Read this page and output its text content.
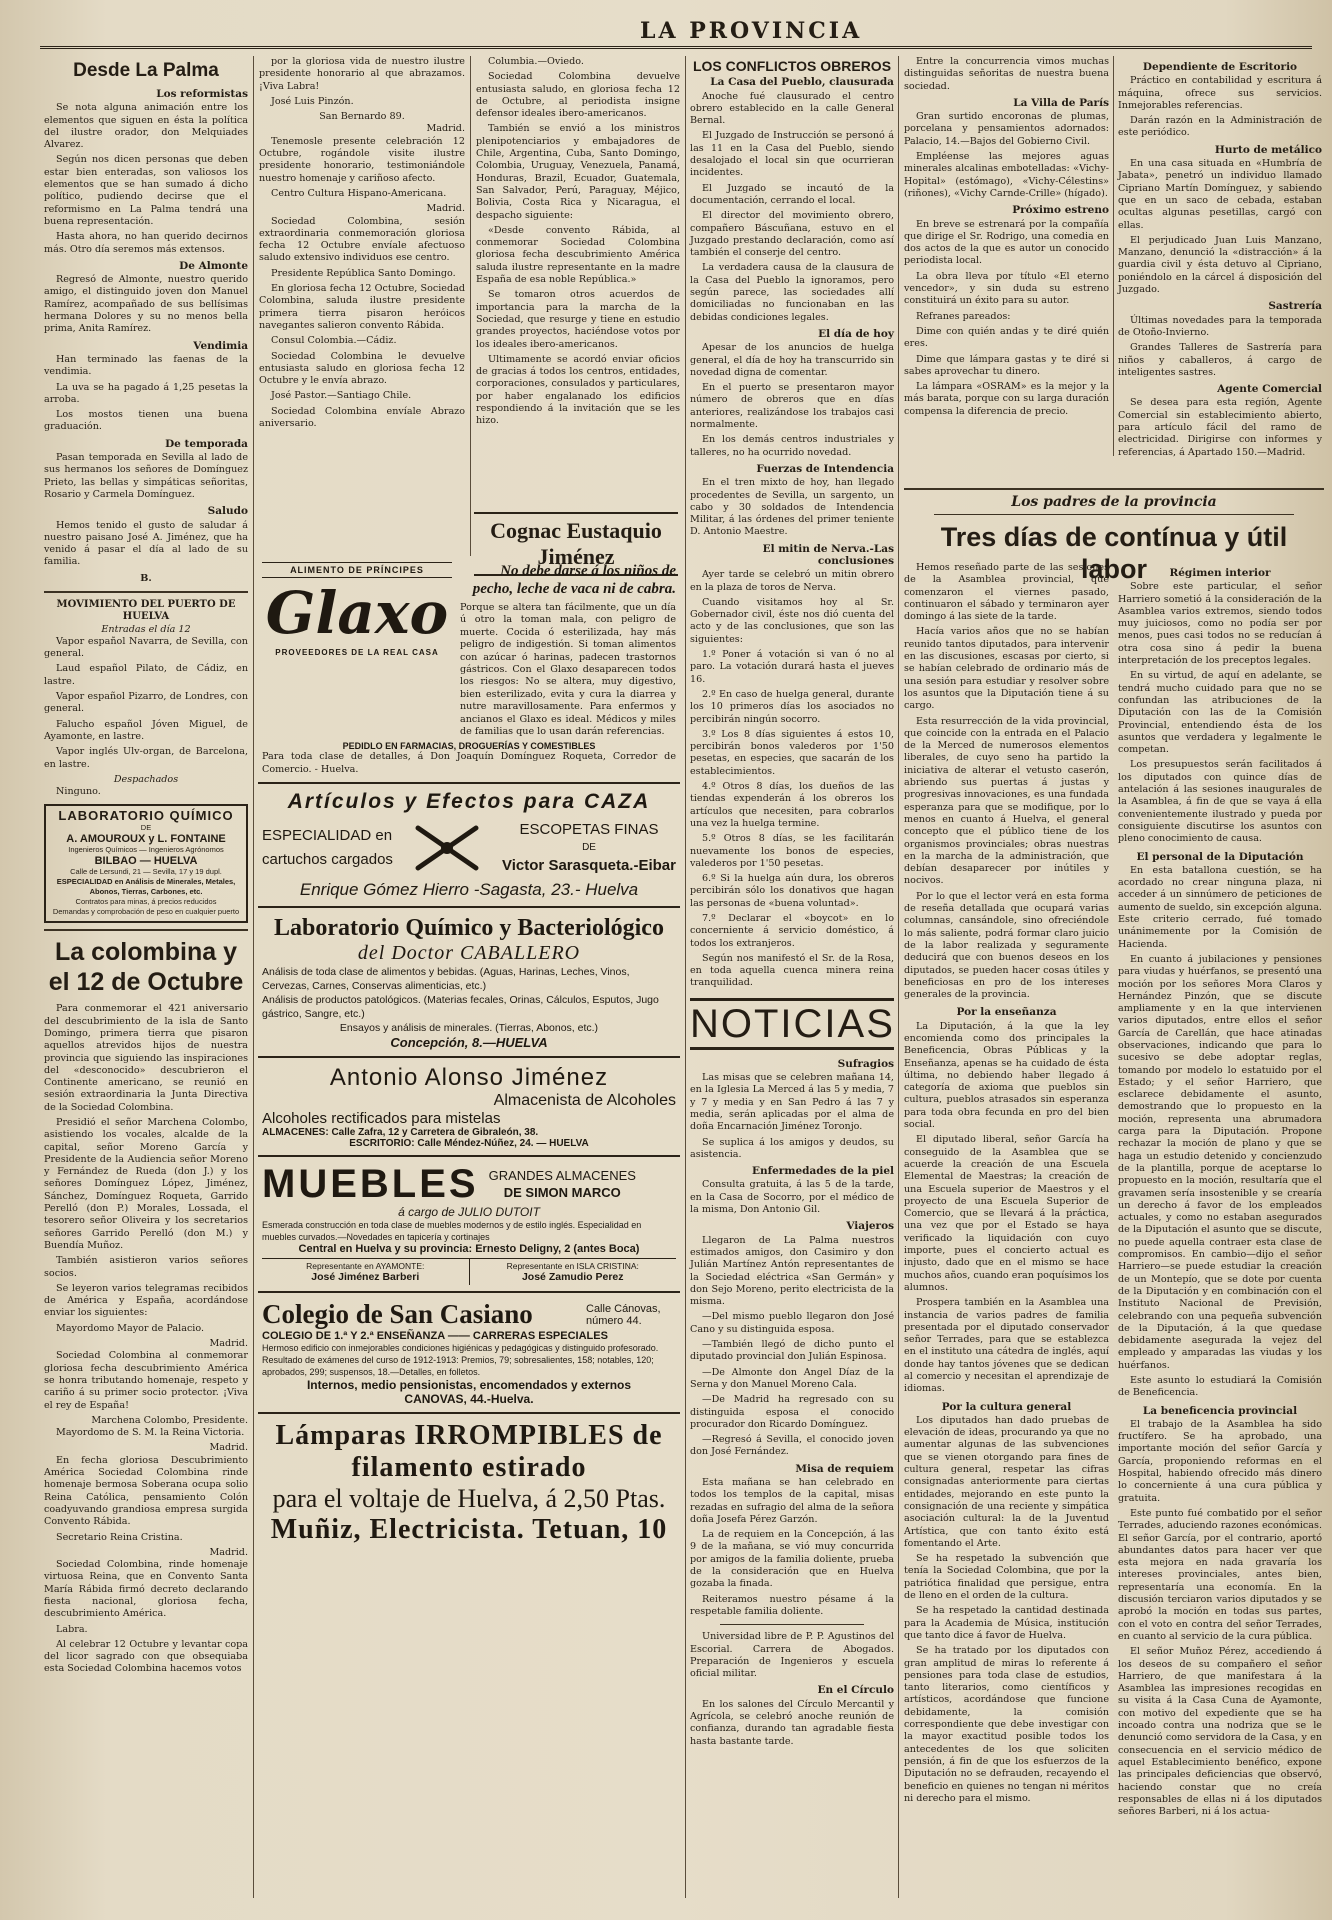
LA PROVINCIA
Desde La Palma
Los reformistas

Se nota alguna animación entre los elementos que siguen en ésta la política del ilustre orador, don Melquiades Alvarez.

Según nos dicen personas que deben estar bien enteradas, son valiosos los elementos que se han sumado á dicho político, pudiendo decirse que el reformismo en La Palma tendrá una buena representación.

Hasta ahora, no han querido decirnos más. Otro día seremos más extensos.

De Almonte

Regresó de Almonte, nuestro querido amigo, el distinguido joven don Manuel Ramírez, acompañado de sus bellísimas hermana Dolores y su no menos bella prima, Anita Ramírez.

Vendimia

Han terminado las faenas de la vendimia.

La uva se ha pagado á 1,25 pesetas la arroba.

Los mostos tienen una buena graduación.

De temporada

Pasan temporada en Sevilla al lado de sus hermanos los señores de Domínguez Prieto, las bellas y simpáticas señoritas, Rosario y Carmela Domínguez.

Saludo

Hemos tenido el gusto de saludar á nuestro paisano José A. Jiménez, que ha venido á pasar el día al lado de su familia.

B.
MOVIMIENTO DEL PUERTO DE HUELVA
Entradas el día 12

Vapor español Navarra, de Sevilla, con general.

Laud español Pilato, de Cádiz, en lastre.

Vapor español Pizarro, de Londres, con general.

Falucho español Jóven Miguel, de Ayamonte, en lastre.

Vapor inglés Ulv-organ, de Barcelona, en lastre.

Despachados

Ninguno.

LABORATORIO QUÍMICO
DE
A. AMOUROUX y L. FONTAINE
Ingenieros Químicos — Ingenieros Agrónomos
BILBAO — HUELVA
Calle de Lersundi, 21 — Sevilla, 17 y 19 dupl.
ESPECIALIDAD en Análisis de Minerales, Metales, Abonos, Tierras, Carbones, etc.
Contratos para minas, á precios reducidos
Demandas y comprobación de peso en cualquier puerto
La colombina y el 12 de Octubre

Para conmemorar el 421 aniversario del descubrimiento de la isla de Santo Domingo, primera tierra que pisaron aquellos atrevidos hijos de nuestra provincia que siguiendo las inspiraciones del «desconocido» descubrieron el Continente americano, se reunió en sesión extraordinaria la Junta Directiva de la Sociedad Colombina.

Presidió el señor Marchena Colombo, asistiendo los vocales, alcalde de la capital, señor Moreno García y Presidente de la Audiencia señor Moreno y Fernández de Rueda (don J.) y los señores Domínguez López, Jiménez, Sánchez, Domínguez Roqueta, Garrido Perelló (don P.) Morales, Lossada, el tesorero señor Oliveira y los secretarios señores Garrido Perelló (don M.) y Buendía Muñoz.

También asistieron varios señores socios.

Se leyeron varios telegramas recibidos de América y España, acordándose enviar los siguientes:

Mayordomo Mayor de Palacio.

Madrid.

Sociedad Colombina al conmemorar gloriosa fecha descubrimiento América se honra tributando homenaje, respeto y cariño á su primer socio protector. ¡Viva el rey de España!

Marchena Colombo, Presidente.

Mayordomo de S. M. la Reina Victoria.

Madrid.

En fecha gloriosa Descubrimiento América Sociedad Colombina rinde homenaje bermosa Soberana ocupa solio Reina Católica, pensamiento Colón coadyuvando grandiosa empresa surgida Convento Rábida.

Secretario Reina Cristina.

Madrid.

Sociedad Colombina, rinde homenaje virtuosa Reina, que en Convento Santa María Rábida firmó decreto declarando fiesta nacional, gloriosa fecha, descubrimiento América.

Labra.

Al celebrar 12 Octubre y levantar copa del licor sagrado con que obsequiaba esta Sociedad Colombina hacemos votos

por la gloriosa vida de nuestro ilustre presidente honorario al que abrazamos. ¡Viva Labra!

José Luis Pinzón.

San Bernardo 89.
Madrid.

Tenemosle presente celebración 12 Octubre, rogándole visite ilustre presidente honorario, testimoniándole nuestro homenaje y cariñoso afecto.

Centro Cultura Hispano-Americana.

Madrid.

Sociedad Colombina, sesión extraordinaria conmemoración gloriosa fecha 12 Octubre envíale afectuoso saludo extensivo individuos ese centro.

Presidente República Santo Domingo.

En gloriosa fecha 12 Octubre, Sociedad Colombina, saluda ilustre presidente primera tierra pisaron heróicos navegantes salieron convento Rábida.

Consul Colombia.—Cádiz.

Sociedad Colombina le devuelve entusiasta saludo en gloriosa fecha 12 Octubre y le envía abrazo.

José Pastor.—Santiago Chile.

Sociedad Colombina envíale Abrazo aniversario.

Columbia.—Oviedo.

Sociedad Colombina devuelve entusiasta saludo, en gloriosa fecha 12 de Octubre, al periodista insigne defensor ideales ibero-americanos.

También se envió a los ministros plenipotenciarios y embajadores de Chile, Argentina, Cuba, Santo Domingo, Colombia, Uruguay, Venezuela, Panamá, Honduras, Brazil, Ecuador, Guatemala, San Salvador, Perú, Paraguay, Méjico, Bolivia, Costa Rica y Nicaragua, el despacho siguiente:

«Desde convento Rábida, al conmemorar Sociedad Colombina gloriosa fecha descubrimiento América saluda ilustre representante en la madre España de esa noble República.»

Se tomaron otros acuerdos de importancia para la marcha de la Sociedad, que resurge y tiene en estudio grandes proyectos, haciéndose votos por los ideales ibero-americanos.

Ultimamente se acordó enviar oficios de gracias á todos los centros, entidades, corporaciones, consulados y particulares, por haber engalanado los edificios respondiendo á la invitación que se les hizo.

Cognac Eustaquio Jiménez
ALIMENTO DE PRÍNCIPES
Glaxo
PROVEEDORES DE LA REAL CASA
No debe darse á los niños de pecho, leche de vaca ni de cabra.
Porque se altera tan fácilmente, que un día ú otro la toman mala, con peligro de muerte. Cocida ó esterilizada, hay más peligro de indigestión. Si toman alimentos con azúcar ó harinas, padecen trastornos gástricos. Con el Glaxo desaparecen todos los riesgos: No se altera, muy digestivo, bien esterilizado, evita y cura la diarrea y nutre maravillosamente. Para enfermos y ancianos el Glaxo es ideal. Médicos y miles de familias que lo usan darán referencias.
PEDIDLO EN FARMACIAS, DROGUERÍAS Y COMESTIBLES
Para toda clase de detalles, á Don Joaquín Domínguez Roqueta, Corredor de Comercio. - Huelva.
Artículos y Efectos para CAZA
ESPECIALIDAD en
cartuchos cargados
ESCOPETAS FINAS
DE
Victor Sarasqueta.-Eibar
Enrique Gómez Hierro -Sagasta, 23.- Huelva
Laboratorio Químico y Bacteriológico
del Doctor CABALLERO
Análisis de toda clase de alimentos y bebidas. (Aguas, Harinas, Leches, Vinos, Cervezas, Carnes, Conservas alimenticias, etc.)
Análisis de productos patológicos. (Materias fecales, Orinas, Cálculos, Esputos, Jugo gástrico, Sangre, etc.)
Ensayos y análisis de minerales. (Tierras, Abonos, etc.)
Concepción, 8.—HUELVA
Antonio Alonso Jiménez
Almacenista de Alcoholes
Alcoholes rectificados para mistelas
ALMACENES: Calle Zafra, 12 y Carretera de Gibraleón, 38.
ESCRITORIO: Calle Méndez-Núñez, 24. — HUELVA
MUEBLES GRANDES ALMACENES
DE SIMON MARCO
á cargo de JULIO DUTOIT
Esmerada construcción en toda clase de muebles modernos y de estilo inglés. Especialidad en muebles curvados.—Novedades en tapicería y cortinajes
Central en Huelva y su provincia: Ernesto Deligny, 2 (antes Boca)
Representante en AYAMONTE:
José Jiménez Barberi
Representante en ISLA CRISTINA:
José Zamudio Perez
Colegio de San Casiano	Calle Cánovas, número 44.
COLEGIO DE 1.ª Y 2.ª ENSEÑANZA —— CARRERAS ESPECIALES
Hermoso edificio con inmejorables condiciones higiénicas y pedagógicas y distinguido profesorado.
Resultado de exámenes del curso de 1912-1913: Premios, 79; sobresalientes, 158; notables, 120; aprobados, 299; suspensos, 18.—Detalles, en folletos.
Internos, medio pensionistas, encomendados y externos
CANOVAS, 44.-Huelva.
Lámparas IRROMPIBLES de filamento estirado
para el voltaje de Huelva, á 2,50 Ptas.
Muñiz, Electricista. Tetuan, 10
LOS CONFLICTOS OBREROS
La Casa del Pueblo, clausurada

Anoche fué clausurado el centro obrero establecido en la calle General Bernal.

El Juzgado de Instrucción se personó á las 11 en la Casa del Pueblo, siendo desalojado el local sin que ocurrieran incidentes.

El Juzgado se incautó de la documentación, cerrando el local.

El director del movimiento obrero, compañero Báscuñana, estuvo en el Juzgado prestando declaración, como así también el conserje del centro.

La verdadera causa de la clausura de la Casa del Pueblo la ignoramos, pero según parece, las sociedades allí domiciliadas no funcionaban en las debidas condiciones legales.

El día de hoy

Apesar de los anuncios de huelga general, el día de hoy ha transcurrido sin novedad digna de comentar.

En el puerto se presentaron mayor número de obreros que en días anteriores, realizándose los trabajos casi normalmente.

En los demás centros industriales y talleres, no ha ocurrido novedad.

Fuerzas de Intendencia

En el tren mixto de hoy, han llegado procedentes de Sevilla, un sargento, un cabo y 30 soldados de Intendencia Militar, á las órdenes del primer teniente D. Antonio Maestre.

El mitin de Nerva.-Las conclusiones

Ayer tarde se celebró un mitin obrero en la plaza de toros de Nerva.

Cuando visitamos hoy al Sr. Gobernador civil, éste nos dió cuenta del acto y de las conclusiones, que son las siguientes:

1.º Poner á votación si van ó no al paro. La votación durará hasta el jueves 16.

2.º En caso de huelga general, durante los 10 primeros días los asociados no percibirán ningún socorro.

3.º Los 8 días siguientes á estos 10, percibirán bonos valederos por 1'50 pesetas, en especies, que sacarán de los establecimientos.

4.º Otros 8 días, los dueños de las tiendas expenderán á los obreros los artículos que necesiten, para cobrarlos una vez la huelga termine.

5.º Otros 8 días, se les facilitarán nuevamente los bonos de especies, valederos por 1'50 pesetas.

6.º Si la huelga aún dura, los obreros percibirán sólo los donativos que hagan las personas de «buena voluntad».

7.º Declarar el «boycot» en lo concerniente á servicio doméstico, á todos los extranjeros.

Según nos manifestó el Sr. de la Rosa, en toda aquella cuenca minera reina tranquilidad.

NOTICIAS
Sufragios

Las misas que se celebren mañana 14, en la Iglesia La Merced á las 5 y media, 7 y 7 y media y en San Pedro á las 7 y media, serán aplicadas por el alma de doña Encarnación Jiménez Toronjo.

Se suplica á los amigos y deudos, su asistencia.

Enfermedades de la piel

Consulta gratuita, á las 5 de la tarde, en la Casa de Socorro, por el médico de la misma, Don Antonio Gil.

Viajeros

Llegaron de La Palma nuestros estimados amigos, don Casimiro y don Julián Martínez Antón representantes de la Sociedad eléctrica «San Germán» y don Sejo Moreno, perito electricista de la misma.

—Del mismo pueblo llegaron don José Cano y su distinguida esposa.

—También llegó de dicho punto el diputado provincial don Julián Espinosa.

—De Almonte don Angel Díaz de la Serna y don Manuel Moreno Cala.

—De Madrid ha regresado con su distinguida esposa el conocido procurador don Ricardo Domínguez.

—Regresó á Sevilla, el conocido joven don José Fernández.

Misa de requiem

Esta mañana se han celebrado en todos los templos de la capital, misas rezadas en sufragio del alma de la señora doña Josefa Pérez Garzón.

La de requiem en la Concepción, á las 9 de la mañana, se vió muy concurrida por amigos de la familia doliente, prueba de la consideración que en Huelva gozaba la finada.

Reiteramos nuestro pésame á la respetable familia doliente.

Universidad libre de P. P. Agustinos del Escorial. Carrera de Abogados. Preparación de Ingenieros y escuela oficial militar.

En el Círculo

En los salones del Círculo Mercantil y Agrícola, se celebró anoche reunión de confianza, durando tan agradable fiesta hasta bastante tarde.

Entre la concurrencia vimos muchas distinguidas señoritas de nuestra buena sociedad.

La Villa de París

Gran surtido encoronas de plumas, porcelana y pensamientos adornados: Palacio, 14.—Bajos del Gobierno Civil.

Empléense las mejores aguas minerales alcalinas embotelladas: «Vichy-Hopital» (estómago), «Vichy-Célestins» (riñones), «Vichy Carnde-Crille» (hígado).

Próximo estreno

En breve se estrenará por la compañía que dirige el Sr. Rodrigo, una comedia en dos actos de la que es autor un conocido periodista local.

La obra lleva por título «El eterno vencedor», y sin duda su estreno constituirá un éxito para su autor.

Refranes pareados:

Dime con quién andas y te diré quién eres.

Dime que lámpara gastas y te diré si sabes aprovechar tu dinero.

La lámpara «OSRAM» es la mejor y la más barata, porque con su larga duración compensa la diferencia de precio.

Los padres de la provincia
Tres días de contínua y útil labor

Hemos reseñado parte de las sesiones de la Asamblea provincial, que comenzaron el viernes pasado, continuaron el sábado y terminaron ayer domingo á las siete de la tarde.

Hacía varios años que no se habían reunido tantos diputados, para intervenir en las discusiones, escasas por cierto, si se habían celebrado de ordinario más de una sesión para estudiar y resolver sobre los asuntos que la Diputación tiene á su cargo.

Esta resurrección de la vida provincial, que coincide con la entrada en el Palacio de la Merced de numerosos elementos liberales, de cuyo seno ha partido la iniciativa de alterar el vetusto caserón, abriendo sus puertas á justas y progresivas innovaciones, es una fundada esperanza para que se modifique, por lo menos en cuanto á Huelva, el general concepto que el público tiene de los organismos provinciales; obras nuestras en la marcha de la administración, que debían desaparecer por inútiles y nocivos.

Por lo que el lector verá en esta forma de reseña detallada que ocupará varias columnas, cansándole, sino ofreciéndole lo más saliente, podrá formar claro juicio de la labor realizada y seguramente deducirá que con buenos deseos en los diputados, se pueden hacer cosas útiles y beneficiosas en pro de los intereses generales de la provincia.

Por la enseñanza

La Diputación, á la que la ley encomienda como dos principales la Beneficencia, Obras Públicas y la Enseñanza, apenas se ha cuidado de ésta última, no debiendo haber llegado á categoría de axioma que pueblos sin cultura, pueblos atrasados sin esperanza para toda obra fecunda en pro del bien social.

El diputado liberal, señor García ha conseguido de la Asamblea que se acuerde la creación de una Escuela Elemental de Maestras; la creación de una Escuela superior de Maestros y el proyecto de una Escuela Superior de Comercio, que se llevará á la práctica, una vez que por el Estado se haya verificado la liquidación con cuyo importe, pues el concierto actual es injusto, dado que en el mismo se hace muchos años, cuando eran poquísimos los alumnos.

Prospera también en la Asamblea una instancia de varios padres de familia presentada por el diputado conservador señor Terrades, para que se establezca en el instituto una cátedra de inglés, aquí donde hay tantos jóvenes que se dedican al comercio y necesitan el aprendizaje de idiomas.

Por la cultura general

Los diputados han dado pruebas de elevación de ideas, procurando ya que no aumentar algunas de las subvenciones que se vienen otorgando para fines de cultura general, respetar las cifras consignadas anteriormente para ciertas entidades, mejorando en este punto la consignación de una reciente y simpática asociación cultural: la de la Juventud Artística, que con tanto éxito está fomentando el Arte.

Se ha respetado la subvención que tenía la Sociedad Colombina, que por la patriótica finalidad que persigue, entra de lleno en el orden de la cultura.

Se ha respetado la cantidad destinada para la Academia de Música, institución que tanto dice á favor de Huelva.

Se ha tratado por los diputados con gran amplitud de miras lo referente á pensiones para toda clase de estudios, tanto literarios, como científicos y artísticos, acordándose que funcione debidamente, la comisión correspondiente que debe investigar con la mayor exactitud posible todos los antecedentes de los que soliciten pensión, á fin de que los esfuerzos de la Diputación no se defrauden, recayendo el beneficio en quienes no tengan ni méritos ni derecho para el mismo.

Dependiente de Escritorio

Práctico en contabilidad y escritura á máquina, ofrece sus servicios. Inmejorables referencias.

Darán razón en la Administración de este periódico.

Hurto de metálico

En una casa situada en «Humbría de Jabata», penetró un individuo llamado Cipriano Martín Domínguez, y sabiendo que en un saco de cebada, estaban ocultas algunas pesetillas, cargó con ellas.

El perjudicado Juan Luis Manzano, Manzano, denunció la «distracción» á la guardia civil y ésta detuvo al Cipriano, poniéndolo en la cárcel á disposición del Juzgado.

Sastrería

Últimas novedades para la temporada de Otoño-Invierno.

Grandes Talleres de Sastrería para niños y caballeros, á cargo de inteligentes sastres.

Agente Comercial

Se desea para esta región, Agente Comercial sin establecimiento abierto, para artículo fácil del ramo de electricidad. Dirigirse con informes y referencias, á Apartado 150.—Madrid.

Régimen interior

Sobre este particular, el señor Harriero sometió á la consideración de la Asamblea varios extremos, siendo todos muy juiciosos, como no podía ser por menos, pues casi todos no se reducían á otra cosa sino á pedir la buena interpretación de los preceptos legales.

En su virtud, de aquí en adelante, se tendrá mucho cuidado para que no se confundan las atribuciones de la Diputación con las de la Comisión Provincial, entendiendo ésta de los asuntos que verdadera y legalmente le competan.

Los presupuestos serán facilitados á los diputados con quince días de antelación á las sesiones inaugurales de la Asamblea, á fin de que se vaya á ella convenientemente ilustrado y pueda por consiguiente discutirse los asuntos con pleno conocimiento de causa.

El personal de la Diputación

En esta batallona cuestión, se ha acordado no crear ninguna plaza, ni acceder á un sinnúmero de peticiones de aumento de sueldo, sin excepción alguna. Este criterio cerrado, fué tomado unánimemente por la Comisión de Hacienda.

En cuanto á jubilaciones y pensiones para viudas y huérfanos, se presentó una moción por los señores Mora Claros y Hernández Pinzón, que se discute ampliamente y en la que intervienen varios diputados, entre ellos el señor García de Carellán, que hace atinadas observaciones, indicando que para lo sucesivo se debe adoptar reglas, tomando por modelo lo estatuido por el Estado; y el señor Harriero, que esclarece debidamente el asunto, demostrando que lo propuesto en la moción, representa una abrumadora carga para la Diputación. Propone rechazar la moción de plano y que se haga un estudio detenido y concienzudo de la plantilla, porque de aceptarse lo propuesto en la moción, resultaría que el gravamen sería insostenible y se crearía un derecho á favor de los empleados actuales, y como no estaban asegurados de la Diputación el asunto que se discute, no puede aquella contraer esta clase de compromisos. En cambio—dijo el señor Harriero—se puede estudiar la creación de un Montepío, que se dote por cuenta de la Diputación y en combinación con el Instituto Nacional de Previsión, celebrando con una pequeña subvención de la Diputación, á la que quedase debidamente asegurada la vejez del empleado y amparadas las viudas y los huérfanos.

Este asunto lo estudiará la Comisión de Beneficencia.

La beneficencia provincial

El trabajo de la Asamblea ha sido fructífero. Se ha aprobado, una importante moción del señor García y García, proponiendo reformas en el Hospital, habiendo ofrecido más dinero lo concerniente á una cura pública y gratuita.

Este punto fué combatido por el señor Terrades, aduciendo razones económicas. El señor García, por el contrario, aportó abundantes datos para hacer ver que esta mejora en nada gravaría los intereses provinciales, antes bien, representaría una economía. En la discusión terciaron varios diputados y se aprobó la moción en todas sus partes, con el voto en contra del señor Terrades, en cuanto al servicio de la cura pública.

El señor Muñoz Pérez, accediendo á los deseos de su compañero el señor Harriero, de que manifestara á la Asamblea las impresiones recogidas en su visita á la Casa Cuna de Ayamonte, con motivo del expediente que se ha incoado contra una nodriza que se le denunció como servidora de la Casa, y en consecuencia en el servicio médico de aquel Establecimiento benéfico, expone las principales deficiencias que observó, haciendo constar que no creía responsables de ellas ni á los diputados señores Barberi, ni á los actua-
